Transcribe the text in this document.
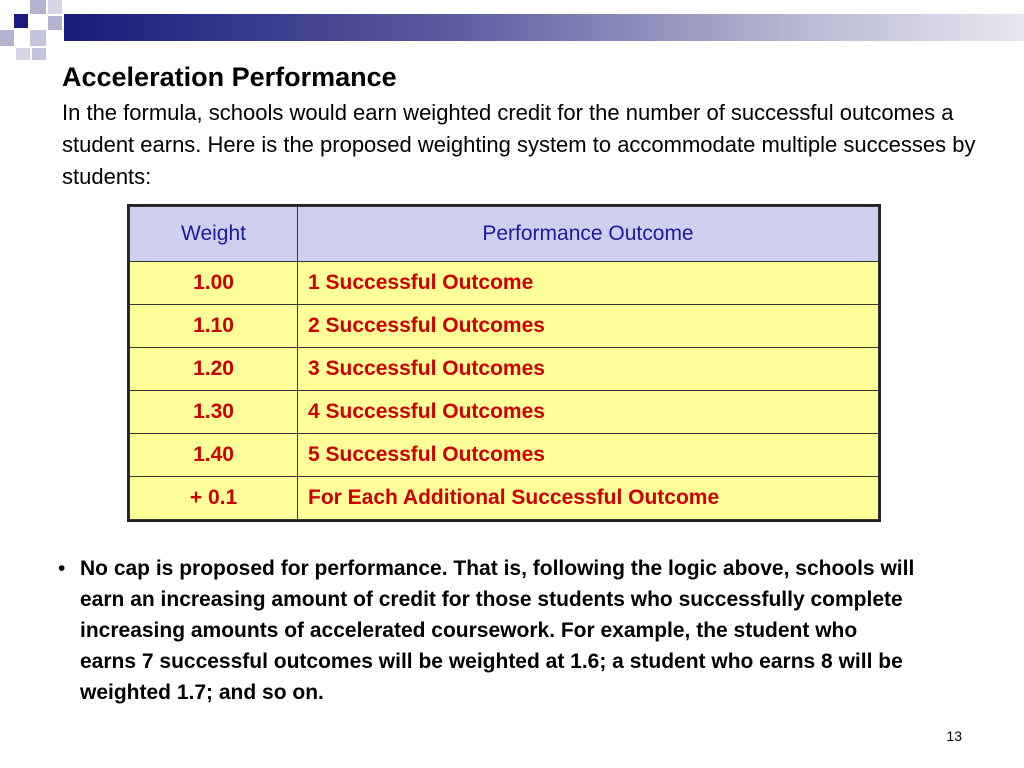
Acceleration Performance

In the formula, schools would earn weighted credit for the number of successful outcomes a student earns. Here is the proposed weighting system to accommodate multiple successes by students:

Weight	Performance Outcome
1.00	1 Successful Outcome
1.10	2 Successful Outcomes
1.20	3 Successful Outcomes
1.30	4 Successful Outcomes
1.40	5 Successful Outcomes
+ 0.1	For Each Additional Successful Outcome
• No cap is proposed for performance. That is, following the logic above, schools will earn an increasing amount of credit for those students who successfully complete increasing amounts of accelerated coursework. For example, the student who earns 7 successful outcomes will be weighted at 1.6; a student who earns 8 will be weighted 1.7; and so on.

13
